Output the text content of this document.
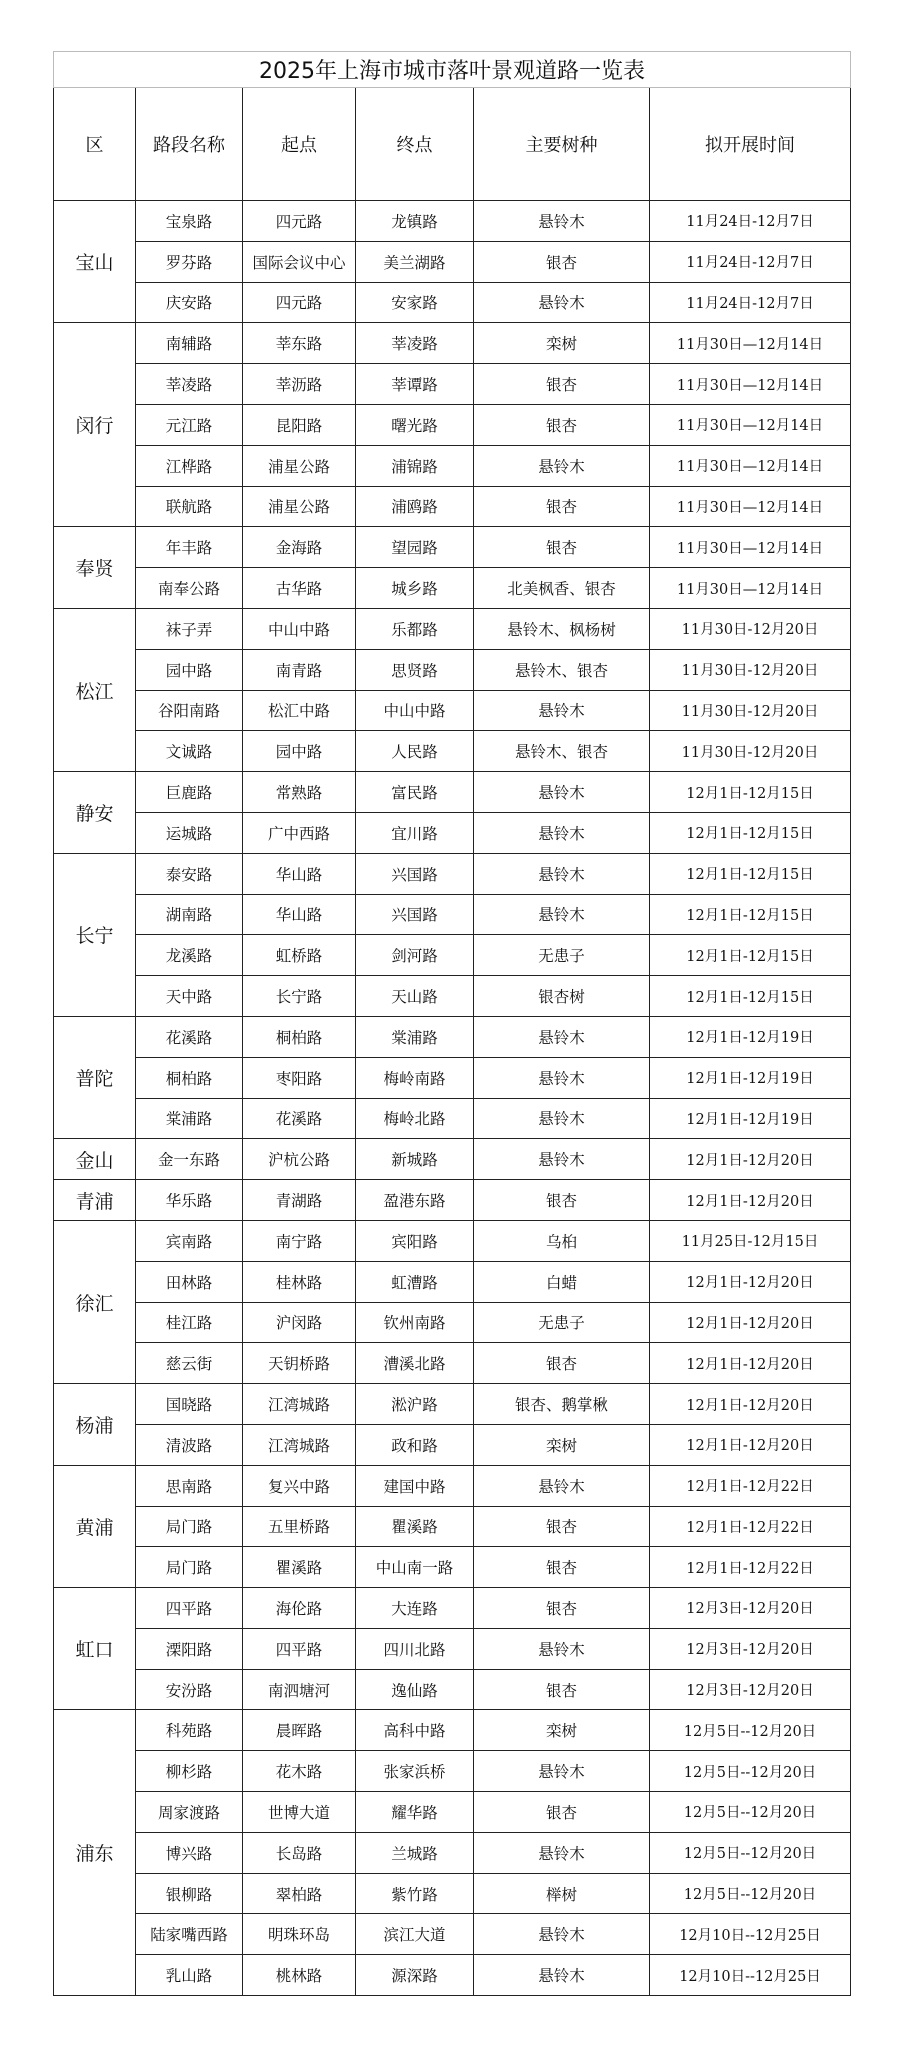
2025年上海市城市落叶景观道路一览表					
区	路段名称	起点	终点	主要树种	拟开展时间
宝山	宝泉路	四元路	龙镇路	悬铃木	11月24日-12月7日
	罗芬路	国际会议中心	美兰湖路	银杏	11月24日-12月7日
	庆安路	四元路	安家路	悬铃木	11月24日-12月7日
闵行	南辅路	莘东路	莘凌路	栾树	11月30日—12月14日
	莘凌路	莘沥路	莘谭路	银杏	11月30日—12月14日
	元江路	昆阳路	曙光路	银杏	11月30日—12月14日
	江桦路	浦星公路	浦锦路	悬铃木	11月30日—12月14日
	联航路	浦星公路	浦鸥路	银杏	11月30日—12月14日
奉贤	年丰路	金海路	望园路	银杏	11月30日—12月14日
	南奉公路	古华路	城乡路	北美枫香、银杏	11月30日—12月14日
松江	袜子弄	中山中路	乐都路	悬铃木、枫杨树	11月30日-12月20日
	园中路	南青路	思贤路	悬铃木、银杏	11月30日-12月20日
	谷阳南路	松汇中路	中山中路	悬铃木	11月30日-12月20日
	文诚路	园中路	人民路	悬铃木、银杏	11月30日-12月20日
静安	巨鹿路	常熟路	富民路	悬铃木	12月1日-12月15日
	运城路	广中西路	宜川路	悬铃木	12月1日-12月15日
长宁	泰安路	华山路	兴国路	悬铃木	12月1日-12月15日
	湖南路	华山路	兴国路	悬铃木	12月1日-12月15日
	龙溪路	虹桥路	剑河路	无患子	12月1日-12月15日
	天中路	长宁路	天山路	银杏树	12月1日-12月15日
普陀	花溪路	桐柏路	棠浦路	悬铃木	12月1日-12月19日
	桐柏路	枣阳路	梅岭南路	悬铃木	12月1日-12月19日
	棠浦路	花溪路	梅岭北路	悬铃木	12月1日-12月19日
金山	金一东路	沪杭公路	新城路	悬铃木	12月1日-12月20日
青浦	华乐路	青湖路	盈港东路	银杏	12月1日-12月20日
徐汇	宾南路	南宁路	宾阳路	乌桕	11月25日-12月15日
	田林路	桂林路	虹漕路	白蜡	12月1日-12月20日
	桂江路	沪闵路	钦州南路	无患子	12月1日-12月20日
	慈云街	天钥桥路	漕溪北路	银杏	12月1日-12月20日
杨浦	国晓路	江湾城路	淞沪路	银杏、鹅掌楸	12月1日-12月20日
	清波路	江湾城路	政和路	栾树	12月1日-12月20日
黄浦	思南路	复兴中路	建国中路	悬铃木	12月1日-12月22日
	局门路	五里桥路	瞿溪路	银杏	12月1日-12月22日
	局门路	瞿溪路	中山南一路	银杏	12月1日-12月22日
虹口	四平路	海伦路	大连路	银杏	12月3日-12月20日
	溧阳路	四平路	四川北路	悬铃木	12月3日-12月20日
	安汾路	南泗塘河	逸仙路	银杏	12月3日-12月20日
浦东	科苑路	晨晖路	高科中路	栾树	12月5日--12月20日
	柳杉路	花木路	张家浜桥	悬铃木	12月5日--12月20日
	周家渡路	世博大道	耀华路	银杏	12月5日--12月20日
	博兴路	长岛路	兰城路	悬铃木	12月5日--12月20日
	银柳路	翠柏路	紫竹路	榉树	12月5日--12月20日
	陆家嘴西路	明珠环岛	滨江大道	悬铃木	12月10日--12月25日
	乳山路	桃林路	源深路	悬铃木	12月10日--12月25日
